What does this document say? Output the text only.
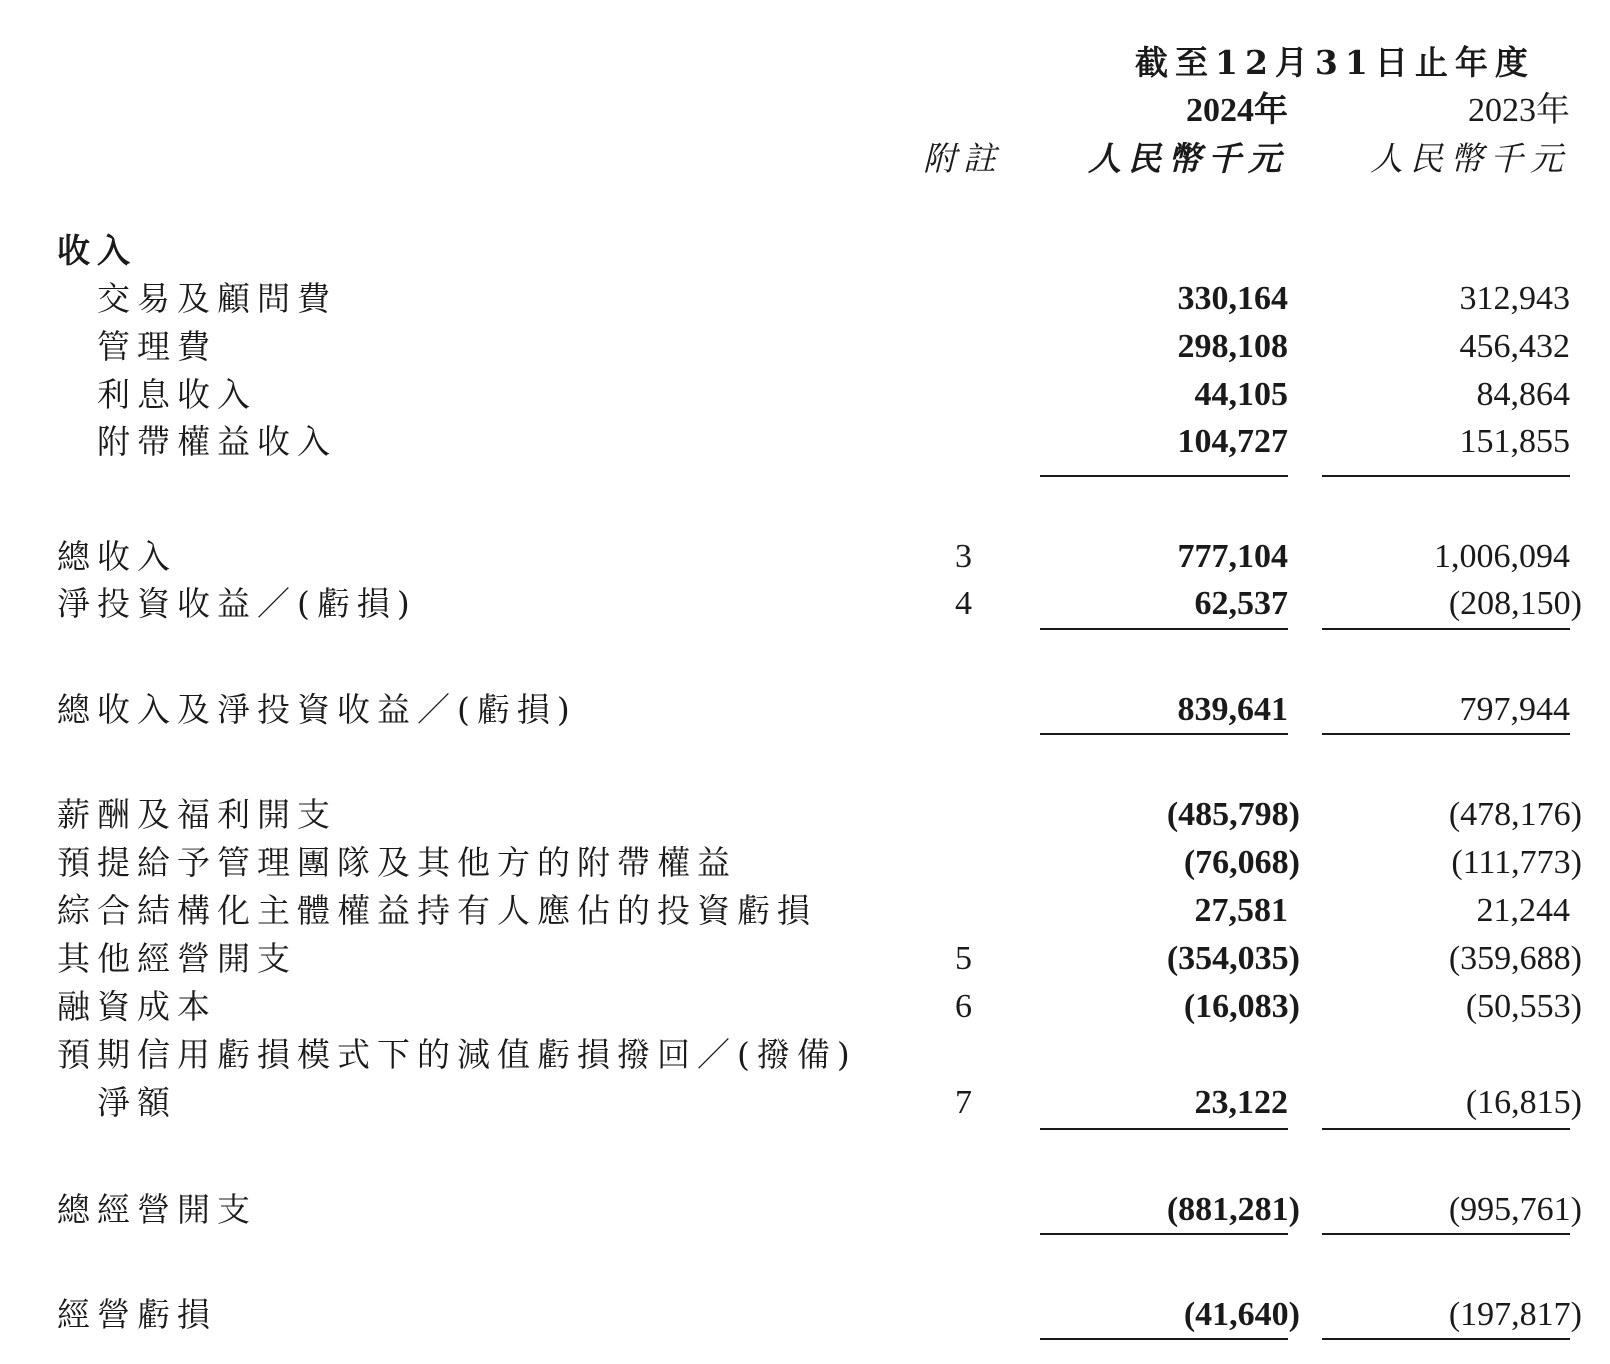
截至12月31日止年度
2024年	2023年
附註	人民幣千元 人民幣千元
收入
交易及顧問費	330,164	312,943
管理費	298,108	456,432
利息收入	44,105	84,864
附帶權益收入	104,727	151,855
總收入	3	777,104	1,006,094
淨投資收益／(虧損)	4	62,537	(208,150)
總收入及淨投資收益／(虧損)	839,641	797,944
薪酬及福利開支	(485,798)	(478,176)
預提給予管理團隊及其他方的附帶權益	(76,068)	(111,773)
綜合結構化主體權益持有人應佔的投資虧損	27,581	21,244
其他經營開支	5	(354,035)	(359,688)
融資成本	6	(16,083)	(50,553)
預期信用虧損模式下的減值虧損撥回／(撥備)
淨額	7	23,122	(16,815)
總經營開支	(881,281)	(995,761)
經營虧損	(41,640)	(197,817)
